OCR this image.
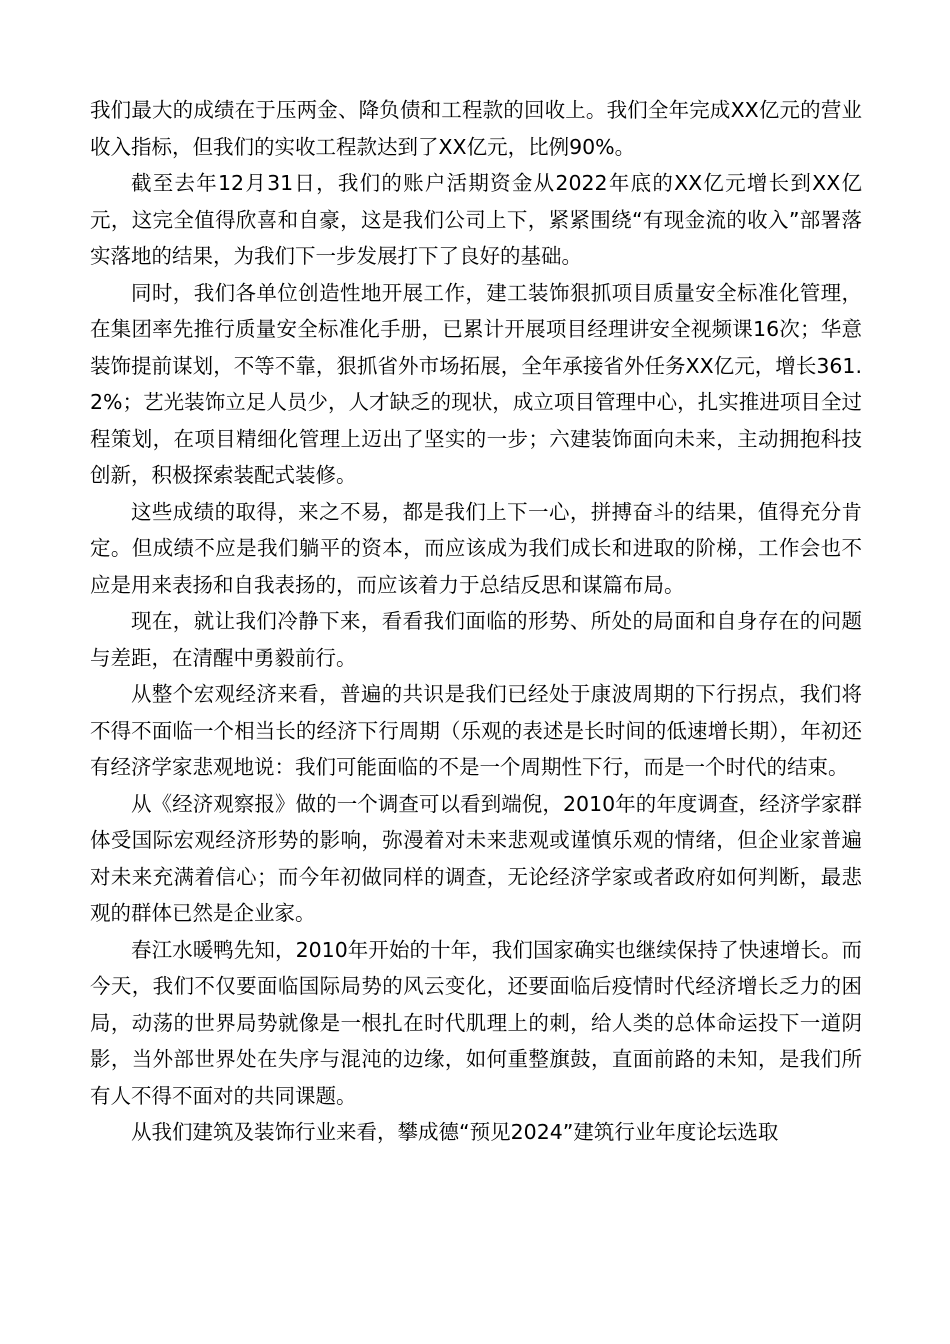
我们最大的成绩在于压两金、降负债和工程款的回收上。我们全年完成XX亿元的营业收入指标，但我们的实收工程款达到了XX亿元，比例90%。

截至去年12月31日，我们的账户活期资金从2022年底的XX亿元增长到XX亿元，这完全值得欣喜和自豪，这是我们公司上下，紧紧围绕“有现金流的收入”部署落实落地的结果，为我们下一步发展打下了良好的基础。

同时，我们各单位创造性地开展工作，建工装饰狠抓项目质量安全标准化管理，在集团率先推行质量安全标准化手册，已累计开展项目经理讲安全视频课16次；华意装饰提前谋划，不等不靠，狠抓省外市场拓展，全年承接省外任务XX亿元，增长361.2%；艺光装饰立足人员少，人才缺乏的现状，成立项目管理中心，扎实推进项目全过程策划，在项目精细化管理上迈出了坚实的一步；六建装饰面向未来，主动拥抱科技创新，积极探索装配式装修。

这些成绩的取得，来之不易，都是我们上下一心，拼搏奋斗的结果，值得充分肯定。但成绩不应是我们躺平的资本，而应该成为我们成长和进取的阶梯，工作会也不应是用来表扬和自我表扬的，而应该着力于总结反思和谋篇布局。

现在，就让我们冷静下来，看看我们面临的形势、所处的局面和自身存在的问题与差距，在清醒中勇毅前行。

从整个宏观经济来看，普遍的共识是我们已经处于康波周期的下行拐点，我们将不得不面临一个相当长的经济下行周期（乐观的表述是长时间的低速增长期），年初还有经济学家悲观地说：我们可能面临的不是一个周期性下行，而是一个时代的结束。

从《经济观察报》做的一个调查可以看到端倪，2010年的年度调查，经济学家群体受国际宏观经济形势的影响，弥漫着对未来悲观或谨慎乐观的情绪，但企业家普遍对未来充满着信心；而今年初做同样的调查，无论经济学家或者政府如何判断，最悲观的群体已然是企业家。

春江水暖鸭先知，2010年开始的十年，我们国家确实也继续保持了快速增长。而今天，我们不仅要面临国际局势的风云变化，还要面临后疫情时代经济增长乏力的困局，动荡的世界局势就像是一根扎在时代肌理上的刺，给人类的总体命运投下一道阴影，当外部世界处在失序与混沌的边缘，如何重整旗鼓，直面前路的未知，是我们所有人不得不面对的共同课题。

从我们建筑及装饰行业来看，攀成德“预见2024”建筑行业年度论坛选取
